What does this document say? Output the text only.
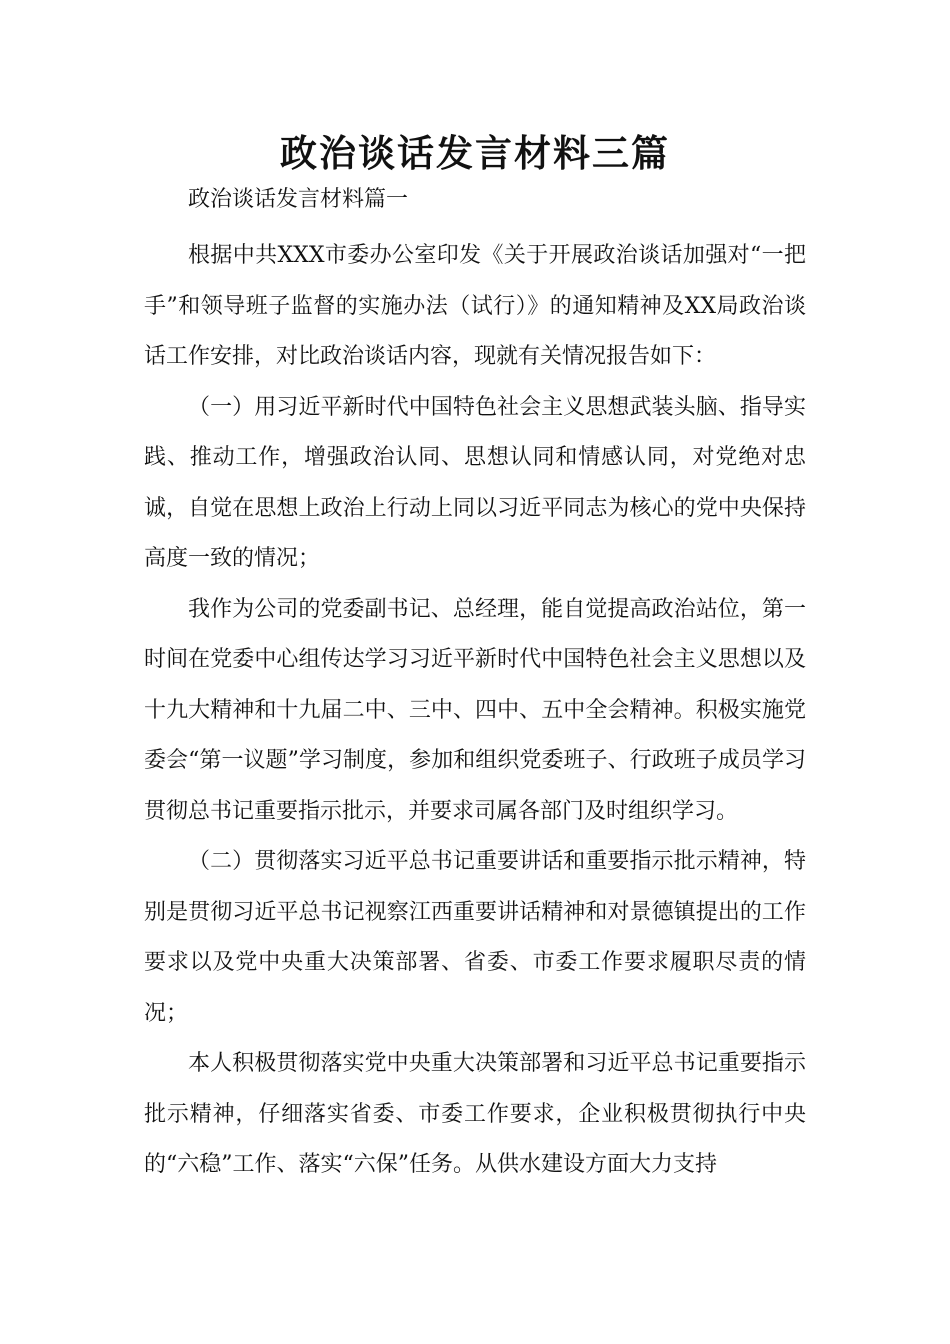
政治谈话发言材料三篇

政治谈话发言材料篇一

根据中共XXX市委办公室印发《关于开展政治谈话加强对“一把手”和领导班子监督的实施办法（试行）》的通知精神及XX局政治谈话工作安排，对比政治谈话内容，现就有关情况报告如下：

（一）用习近平新时代中国特色社会主义思想武装头脑、指导实践、推动工作，增强政治认同、思想认同和情感认同，对党绝对忠诚，自觉在思想上政治上行动上同以习近平同志为核心的党中央保持高度一致的情况；

我作为公司的党委副书记、总经理，能自觉提高政治站位，第一时间在党委中心组传达学习习近平新时代中国特色社会主义思想以及十九大精神和十九届二中、三中、四中、五中全会精神。积极实施党委会“第一议题”学习制度，参加和组织党委班子、行政班子成员学习贯彻总书记重要指示批示，并要求司属各部门及时组织学习。

（二）贯彻落实习近平总书记重要讲话和重要指示批示精神，特别是贯彻习近平总书记视察江西重要讲话精神和对景德镇提出的工作要求以及党中央重大决策部署、省委、市委工作要求履职尽责的情况；

本人积极贯彻落实党中央重大决策部署和习近平总书记重要指示批示精神，仔细落实省委、市委工作要求，企业积极贯彻执行中央的“六稳”工作、落实“六保”任务。从供水建设方面大力支持
